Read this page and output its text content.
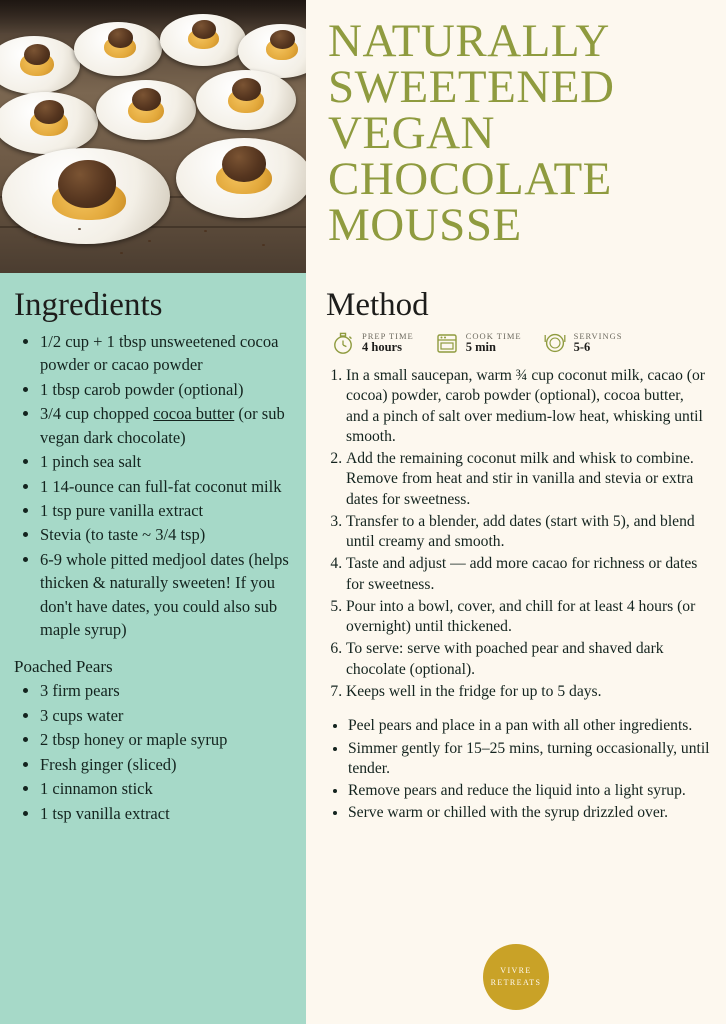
NATURALLY SWEETENED VEGAN CHOCOLATE MOUSSE
Ingredients
• 1/2 cup + 1 tbsp unsweetened cocoa powder or cacao powder
• 1 tbsp carob powder (optional)
• 3/4 cup chopped cocoa butter (or sub vegan dark chocolate)
• 1 pinch sea salt
• 1 14-ounce can full-fat coconut milk
• 1 tsp pure vanilla extract
• Stevia (to taste ~ 3/4 tsp)
• 6-9 whole pitted medjool dates (helps thicken & naturally sweeten! If you don't have dates, you could also sub maple syrup)
Poached Pears
• 3 firm pears
• 3 cups water
• 2 tbsp honey or maple syrup
• Fresh ginger (sliced)
• 1 cinnamon stick
• 1 tsp vanilla extract
Method
PREP TIME
4 hours
COOK TIME
5 min
SERVINGS
5-6
1. In a small saucepan, warm ¾ cup coconut milk, cacao (or cocoa) powder, carob powder (optional), cocoa butter, and a pinch of salt over medium-low heat, whisking until smooth.
2. Add the remaining coconut milk and whisk to combine. Remove from heat and stir in vanilla and stevia or extra dates for sweetness.
3. Transfer to a blender, add dates (start with 5), and blend until creamy and smooth.
4. Taste and adjust — add more cacao for richness or dates for sweetness.
5. Pour into a bowl, cover, and chill for at least 4 hours (or overnight) until thickened.
6. To serve: serve with poached pear and shaved dark chocolate (optional).
7. Keeps well in the fridge for up to 5 days.
• Peel pears and place in a pan with all other ingredients.
• Simmer gently for 15–25 mins, turning occasionally, until tender.
• Remove pears and reduce the liquid into a light syrup.
• Serve warm or chilled with the syrup drizzled over.
VIVRE
RETREATS
